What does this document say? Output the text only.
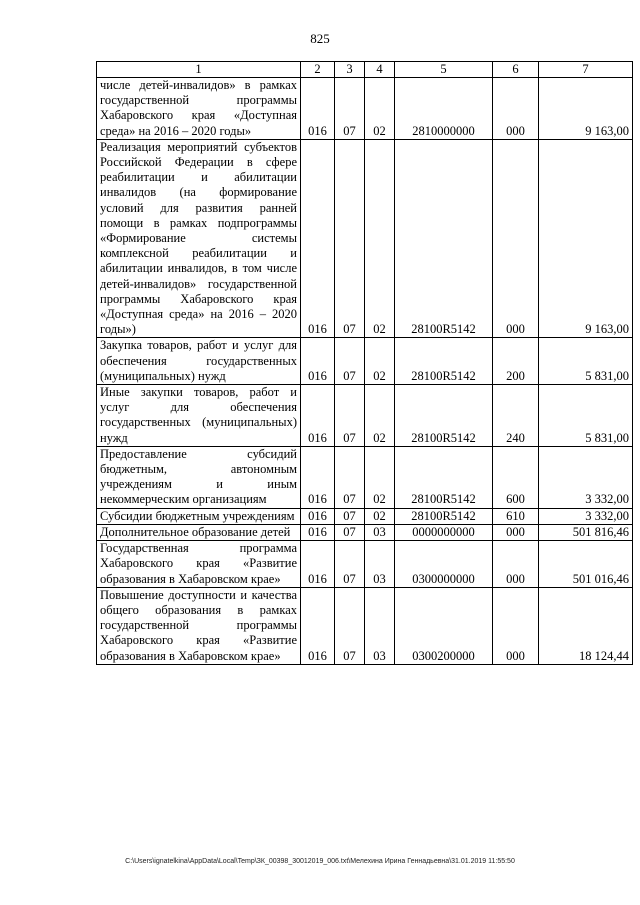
825
1	2	3	4	5	6	7
числе детей-инвалидов» в рамках государственной программы Хабаровского края «Доступная среда» на 2016 – 2020 годы»	016	07	02	2810000000	000	9 163,00
Реализация мероприятий субъектов Российской Федерации в сфере реабилитации и абилитации инвалидов (на формирование условий для развития ранней помощи в рамках подпрограммы «Формирование системы комплексной реабилитации и абилитации инвалидов, в том числе детей-инвалидов» государственной программы Хабаровского края «Доступная среда» на 2016 – 2020 годы»)	016	07	02	28100R5142	000	9 163,00
Закупка товаров, работ и услуг для обеспечения государственных (муниципальных) нужд	016	07	02	28100R5142	200	5 831,00
Иные закупки товаров, работ и услуг для обеспечения государственных (муниципальных) нужд	016	07	02	28100R5142	240	5 831,00
Предоставление субсидий бюджетным, автономным учреждениям и иным некоммерческим организациям	016	07	02	28100R5142	600	3 332,00
Субсидии бюджетным учреждениям	016	07	02	28100R5142	610	3 332,00
Дополнительное образование детей	016	07	03	0000000000	000	501 816,46
Государственная программа Хабаровского края «Развитие образования в Хабаровском крае»	016	07	03	0300000000	000	501 016,46
Повышение доступности и качества общего образования в рамках государственной программы Хабаровского края «Развитие образования в Хабаровском крае»	016	07	03	0300200000	000	18 124,44
C:\Users\ignatelkina\AppData\Local\Temp\ЗК_00398_30012019_006.txt\Мелехина Ирина Геннадьевна\31.01.2019 11:55:50
